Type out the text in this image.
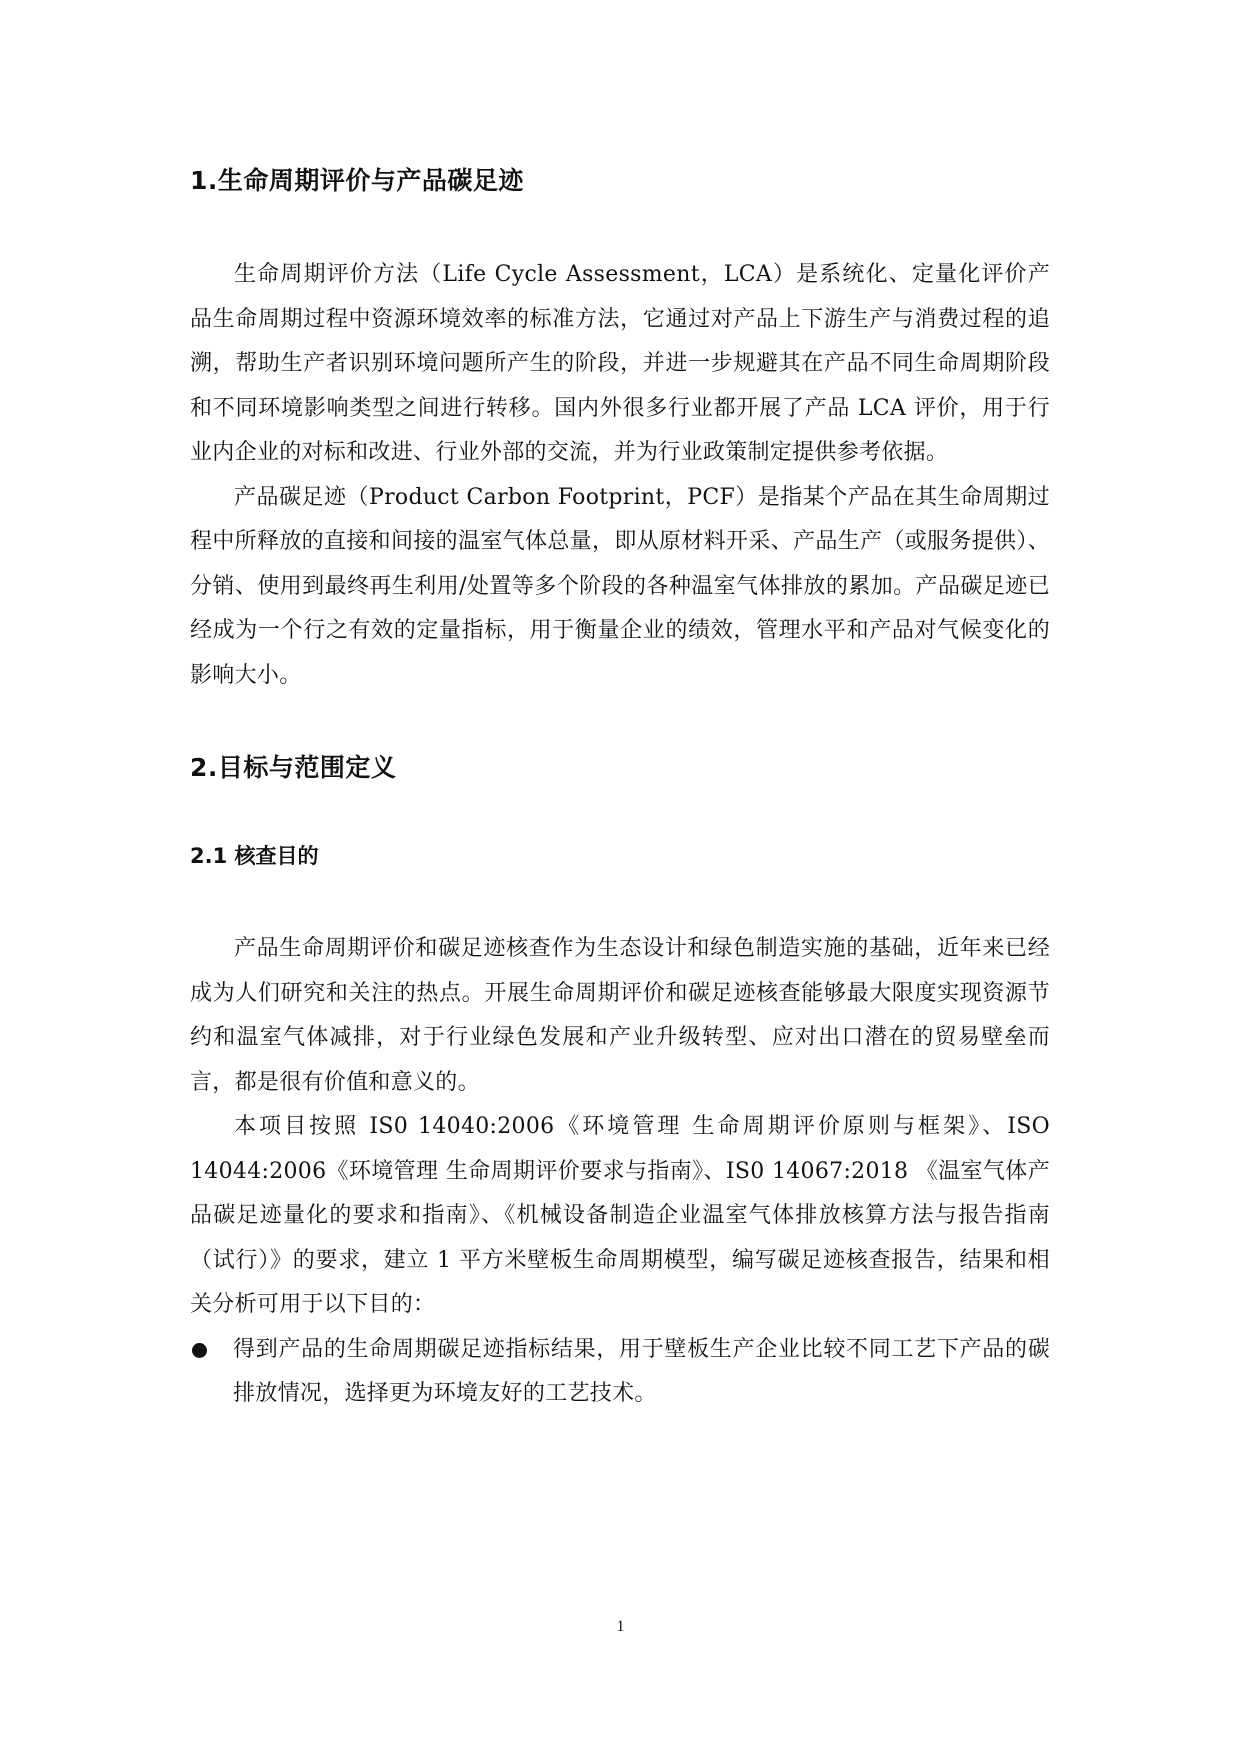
1.生命周期评价与产品碳足迹

生命周期评价方法（Life Cycle Assessment，LCA）是系统化、定量化评价产品生命周期过程中资源环境效率的标准方法，它通过对产品上下游生产与消费过程的追溯，帮助生产者识别环境问题所产生的阶段，并进一步规避其在产品不同生命周期阶段和不同环境影响类型之间进行转移。国内外很多行业都开展了产品 LCA 评价，用于行业内企业的对标和改进、行业外部的交流，并为行业政策制定提供参考依据。

产品碳足迹（Product Carbon Footprint，PCF）是指某个产品在其生命周期过程中所释放的直接和间接的温室气体总量，即从原材料开采、产品生产（或服务提供）、分销、使用到最终再生利用/处置等多个阶段的各种温室气体排放的累加。产品碳足迹已经成为一个行之有效的定量指标，用于衡量企业的绩效，管理水平和产品对气候变化的影响大小。

2.目标与范围定义
2.1 核查目的

产品生命周期评价和碳足迹核查作为生态设计和绿色制造实施的基础，近年来已经成为人们研究和关注的热点。开展生命周期评价和碳足迹核查能够最大限度实现资源节约和温室气体减排，对于行业绿色发展和产业升级转型、应对出口潜在的贸易壁垒而言，都是很有价值和意义的。

本项目按照 IS0 14040:2006《环境管理 生命周期评价原则与框架》、ISO 14044:2006《环境管理 生命周期评价要求与指南》、IS0 14067:2018 《温室气体产品碳足迹量化的要求和指南》、《机械设备制造企业温室气体排放核算方法与报告指南（试行）》的要求，建立 1 平方米壁板生命周期模型，编写碳足迹核查报告，结果和相关分析可用于以下目的：

得到产品的生命周期碳足迹指标结果，用于壁板生产企业比较不同工艺下产品的碳排放情况，选择更为环境友好的工艺技术。

1
